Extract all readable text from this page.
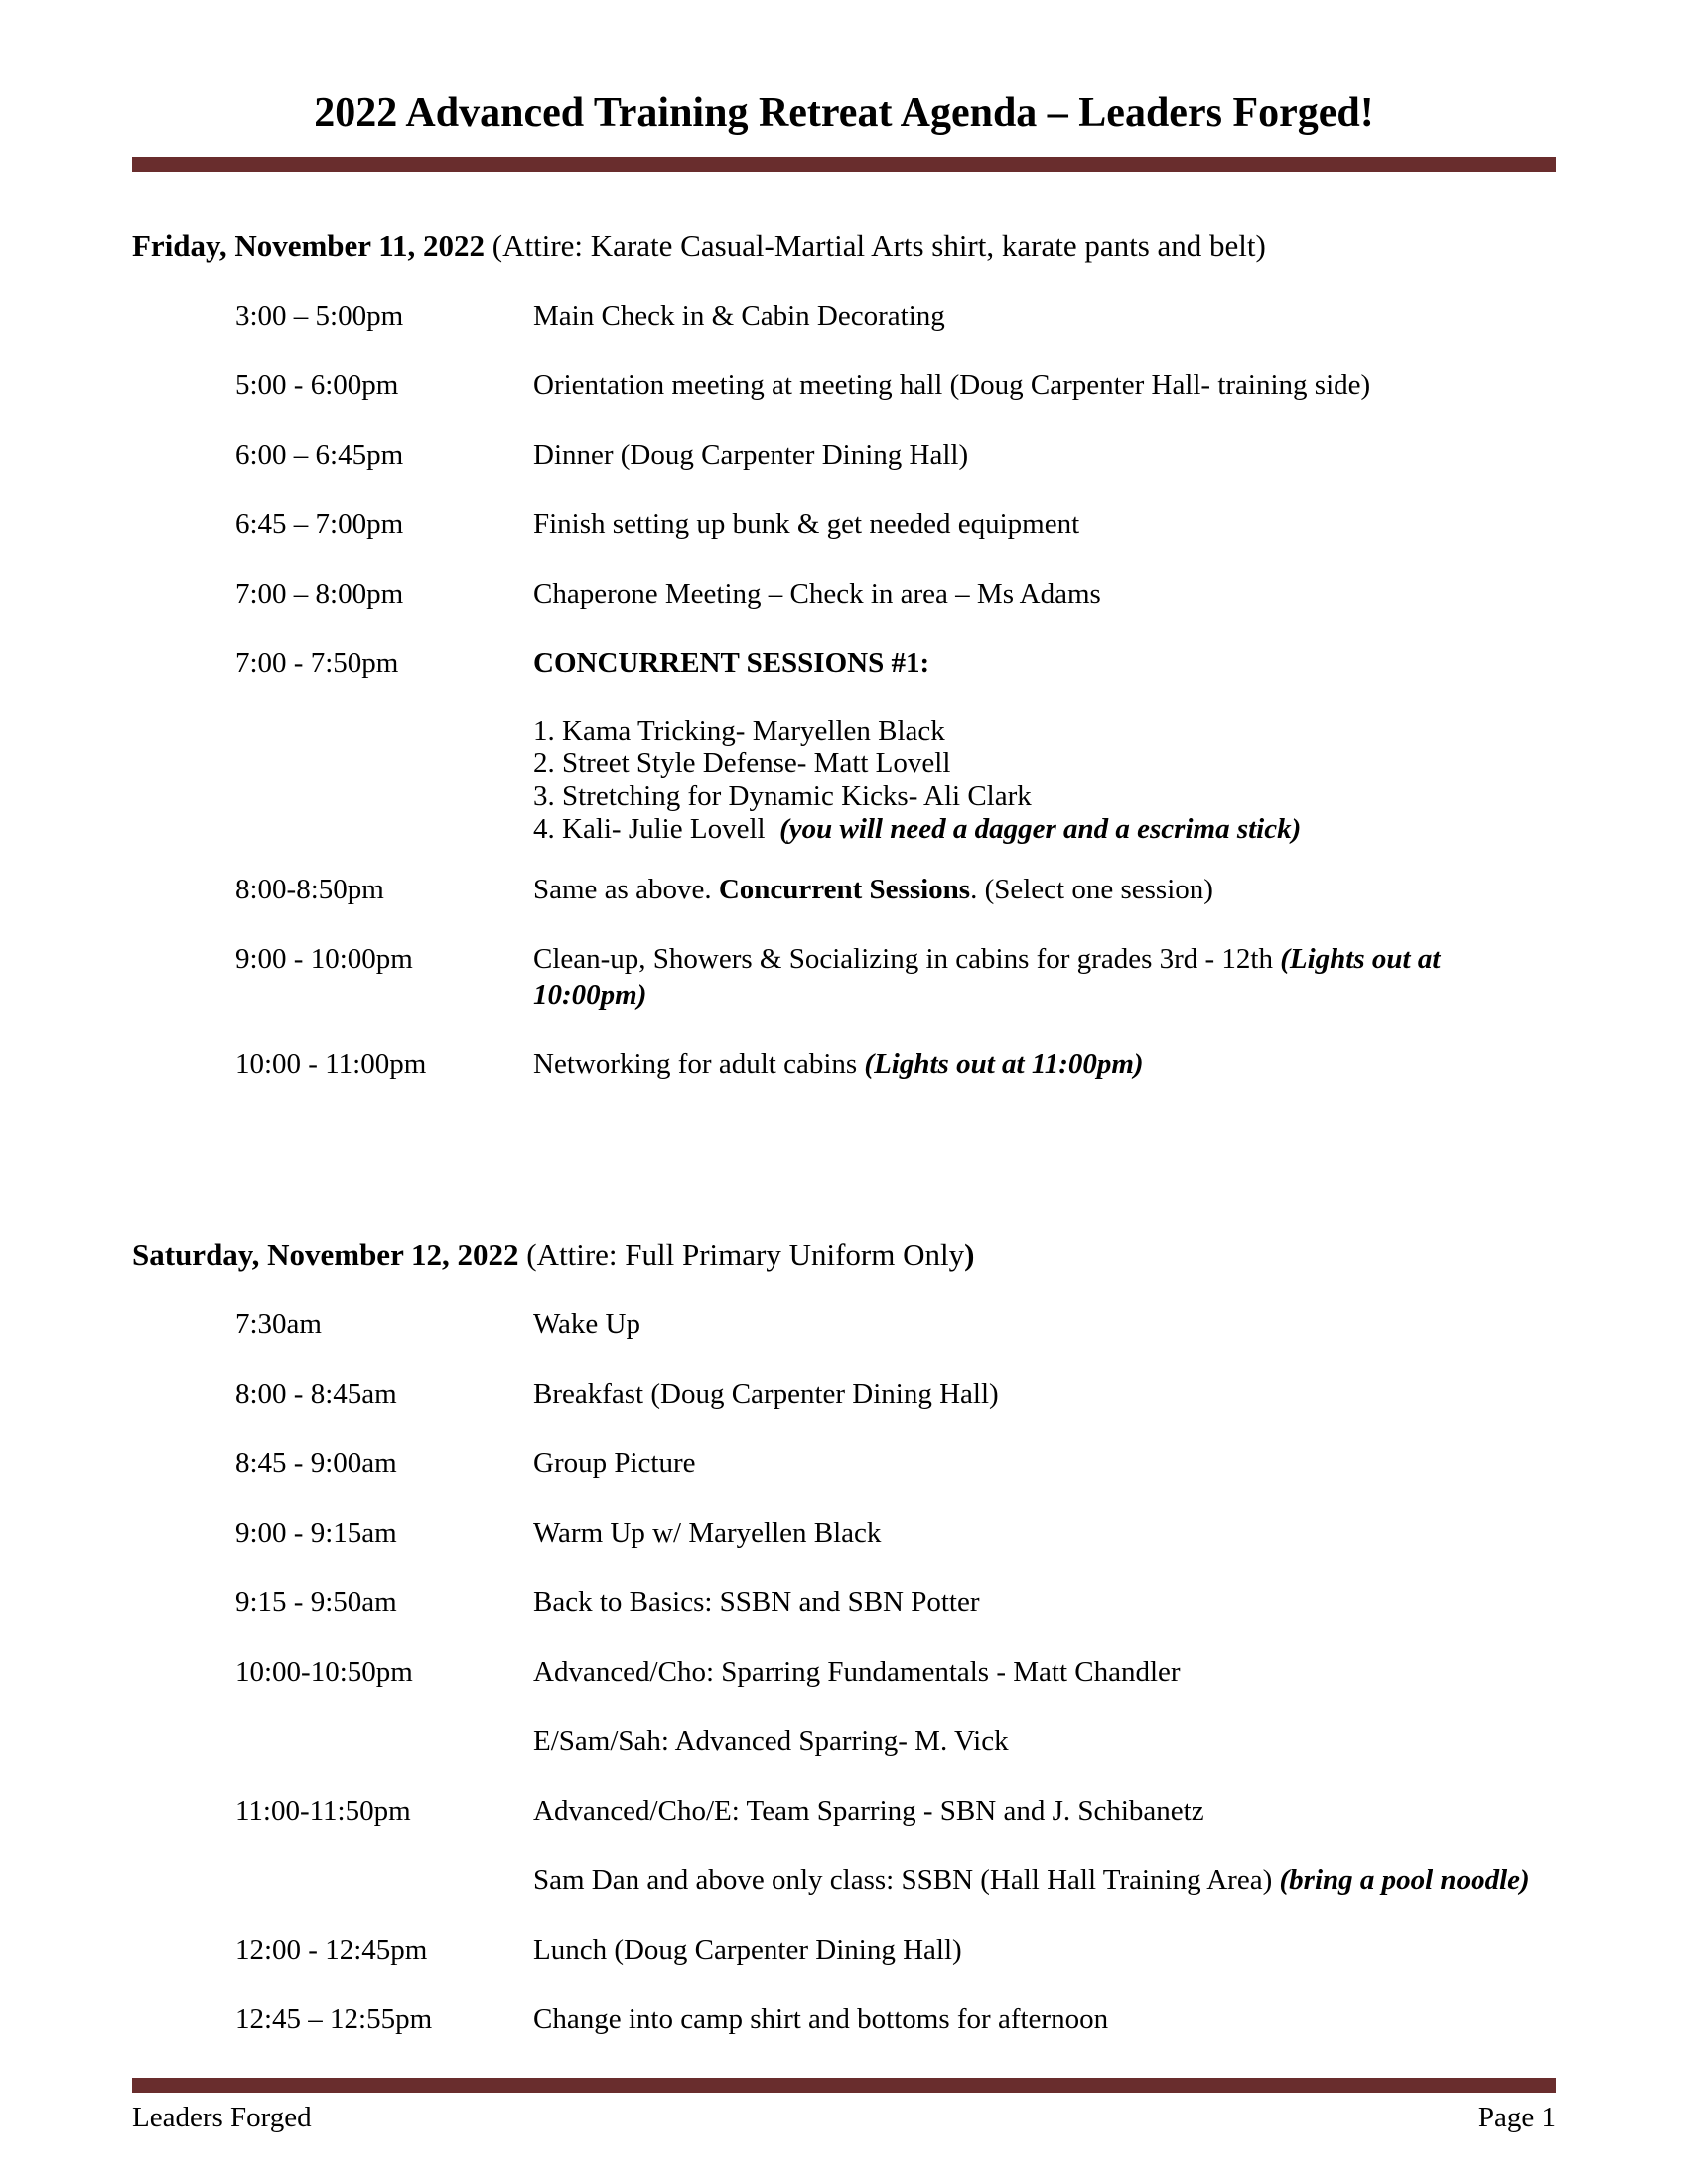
2022 Advanced Training Retreat Agenda – Leaders Forged!
Friday, November 11, 2022 (Attire: Karate Casual-Martial Arts shirt, karate pants and belt)
3:00 – 5:00pm	Main Check in & Cabin Decorating
5:00 - 6:00pm	Orientation meeting at meeting hall (Doug Carpenter Hall- training side)
6:00 – 6:45pm	Dinner (Doug Carpenter Dining Hall)
6:45 – 7:00pm	Finish setting up bunk & get needed equipment
7:00 – 8:00pm	Chaperone Meeting – Check in area – Ms Adams
7:00 - 7:50pm	CONCURRENT SESSIONS #1:
1. Kama Tricking- Maryellen Black
2. Street Style Defense- Matt Lovell
3. Stretching for Dynamic Kicks- Ali Clark
4. Kali- Julie Lovell  (you will need a dagger and a escrima stick)
8:00-8:50pm	Same as above. Concurrent Sessions. (Select one session)
9:00 - 10:00pm	Clean-up, Showers & Socializing in cabins for grades 3rd - 12th (Lights out at 10:00pm)
10:00 - 11:00pm	Networking for adult cabins (Lights out at 11:00pm)
Saturday, November 12, 2022 (Attire: Full Primary Uniform Only)
7:30am	Wake Up
8:00 - 8:45am	Breakfast (Doug Carpenter Dining Hall)
8:45 - 9:00am	Group Picture
9:00 - 9:15am	Warm Up w/ Maryellen Black
9:15 - 9:50am	Back to Basics: SSBN and SBN Potter
10:00-10:50pm	Advanced/Cho: Sparring Fundamentals - Matt Chandler
E/Sam/Sah: Advanced Sparring- M. Vick
11:00-11:50pm	Advanced/Cho/E: Team Sparring - SBN and J. Schibanetz
Sam Dan and above only class: SSBN (Hall Hall Training Area) (bring a pool noodle)
12:00 - 12:45pm	Lunch (Doug Carpenter Dining Hall)
12:45 – 12:55pm	Change into camp shirt and bottoms for afternoon
Leaders Forged	Page 1
